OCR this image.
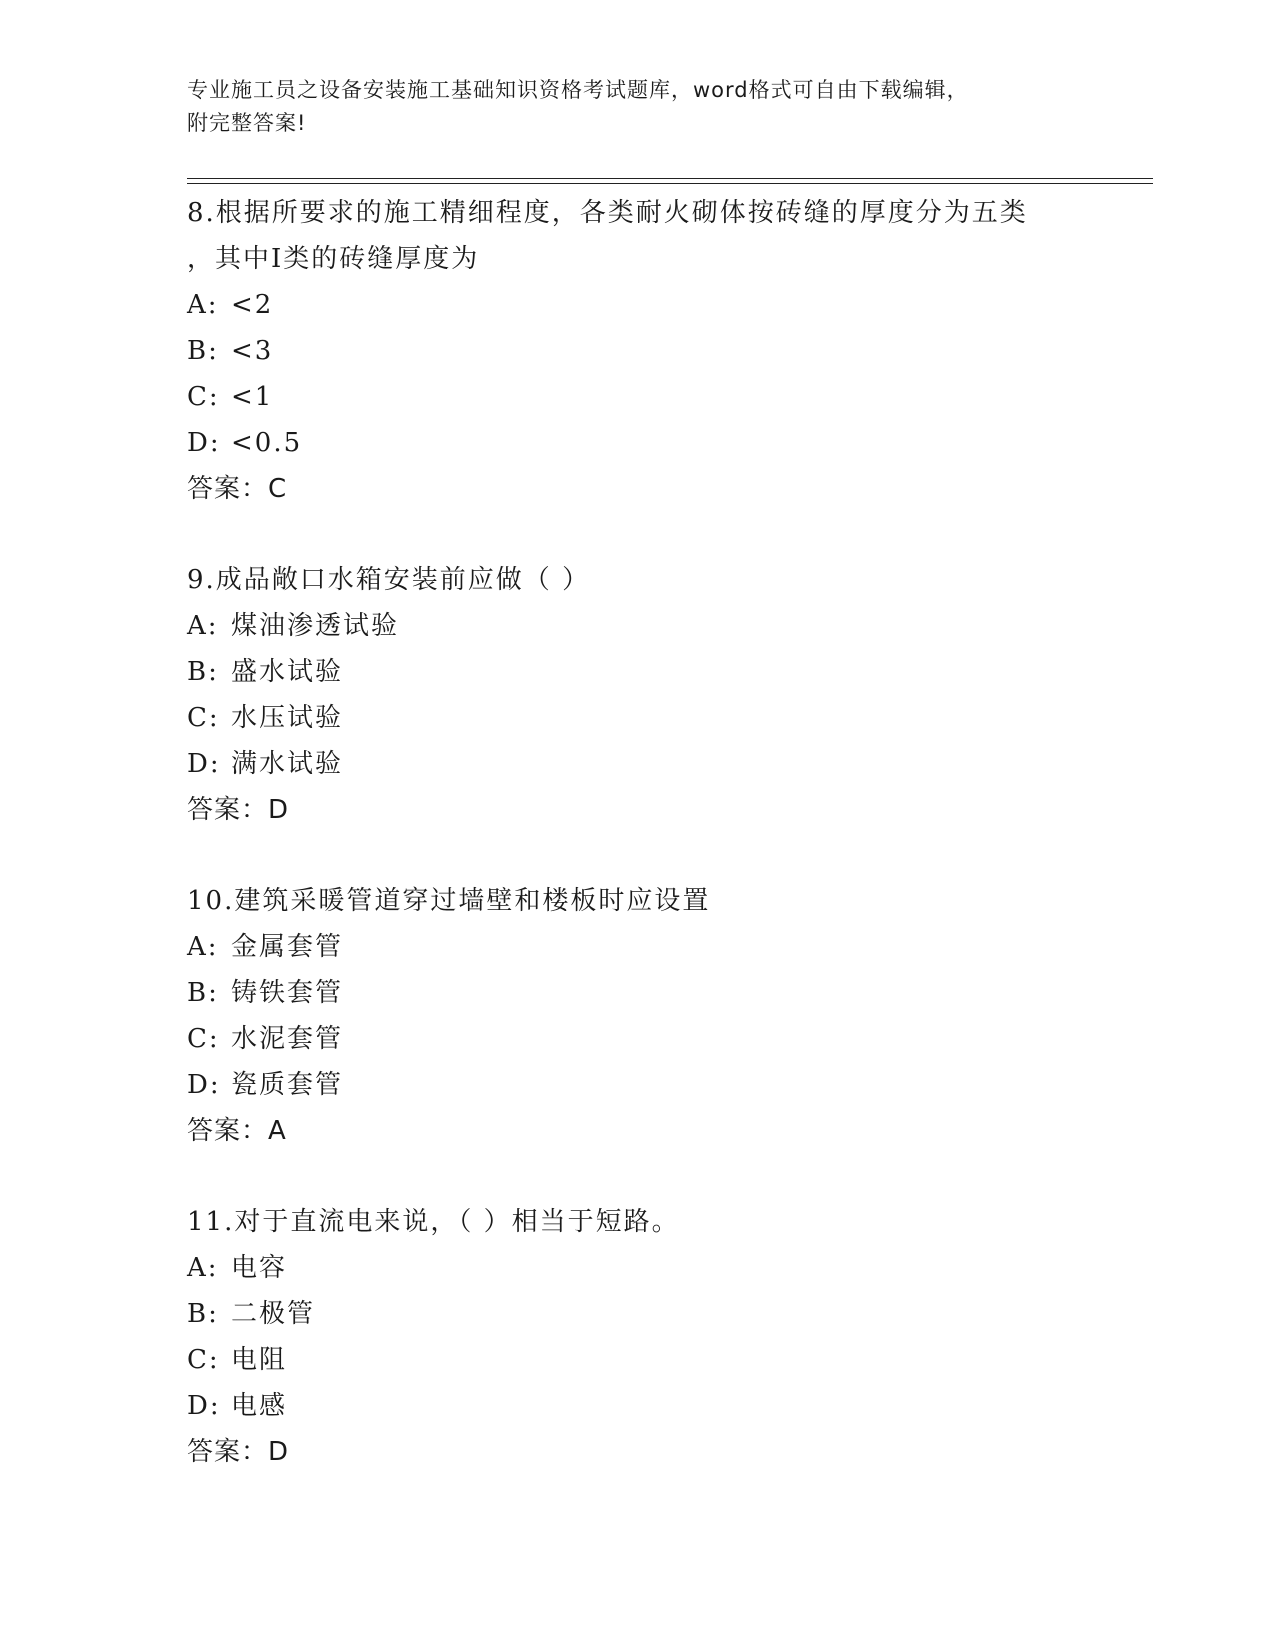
专业施工员之设备安装施工基础知识资格考试题库，word格式可自由下载编辑，
附完整答案!
8.根据所要求的施工精细程度，各类耐火砌体按砖缝的厚度分为五类
，其中Ⅰ类的砖缝厚度为
A: <2
B: <3
C: <1
D: <0.5
答案：C
9.成品敞口水箱安装前应做（ ）
A: 煤油渗透试验
B: 盛水试验
C: 水压试验
D: 满水试验
答案：D
10.建筑采暖管道穿过墙壁和楼板时应设置
A: 金属套管
B: 铸铁套管
C: 水泥套管
D: 瓷质套管
答案：A
11.对于直流电来说，（ ）相当于短路。
A: 电容
B: 二极管
C: 电阻
D: 电感
答案：D
